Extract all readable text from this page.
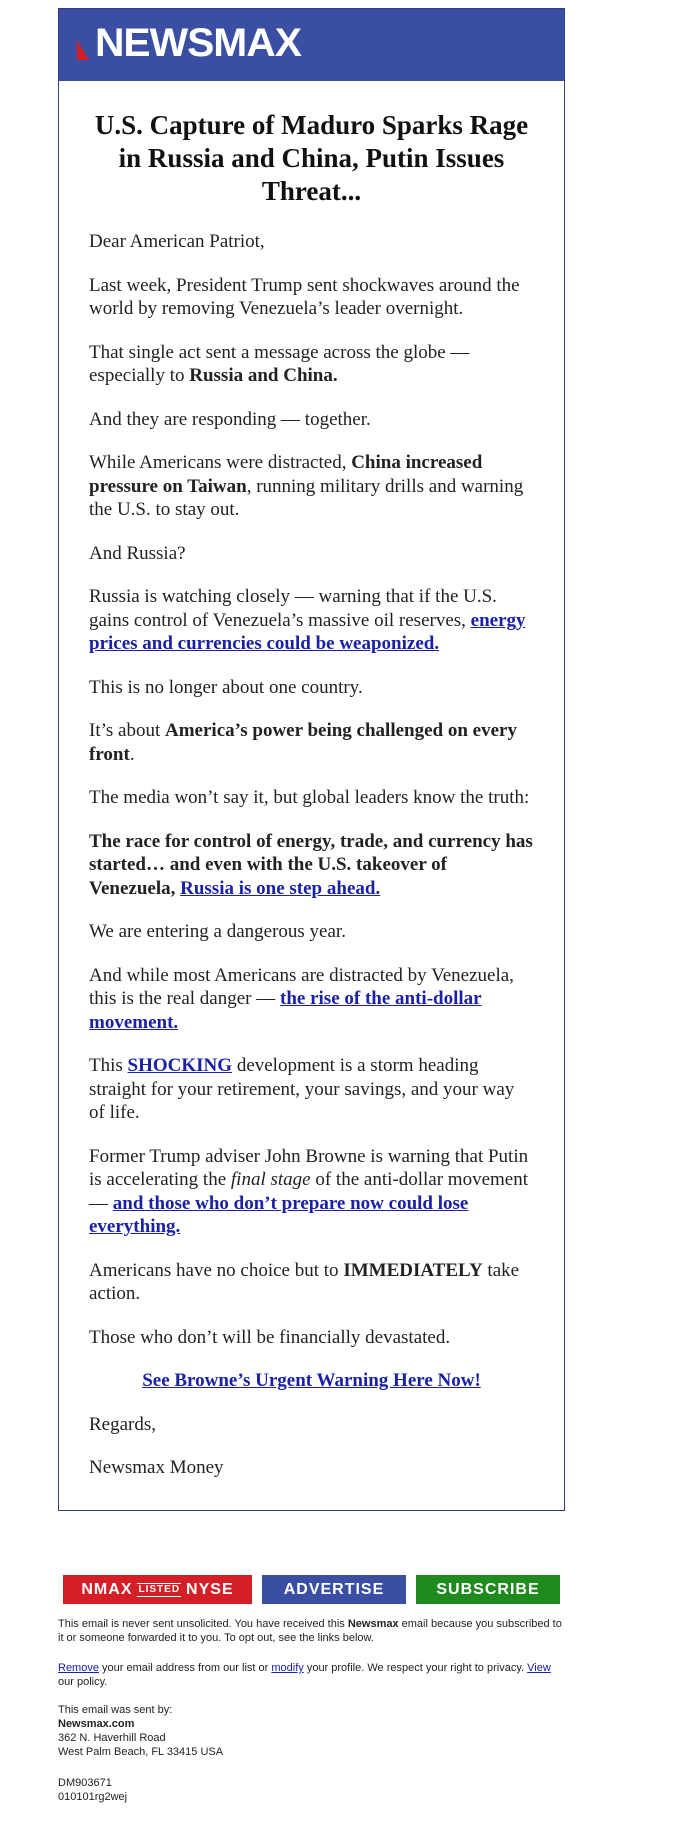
NEWSMAX
U.S. Capture of Maduro Sparks Rage in Russia and China, Putin Issues Threat...

Dear American Patriot,

Last week, President Trump sent shockwaves around the world by removing Venezuela’s leader overnight.

That single act sent a message across the globe — especially to Russia and China.

And they are responding — together.

While Americans were distracted, China increased pressure on Taiwan, running military drills and warning the U.S. to stay out.

And Russia?

Russia is watching closely — warning that if the U.S. gains control of Venezuela’s massive oil reserves, energy prices and currencies could be weaponized.

This is no longer about one country.

It’s about America’s power being challenged on every front.

The media won’t say it, but global leaders know the truth:

The race for control of energy, trade, and currency has started… and even with the U.S. takeover of Venezuela, Russia is one step ahead.

We are entering a dangerous year.

And while most Americans are distracted by Venezuela, this is the real danger — the rise of the anti-dollar movement.

This SHOCKING development is a storm heading straight for your retirement, your savings, and your way of life.

Former Trump adviser John Browne is warning that Putin is accelerating the final stage of the anti-dollar movement — and those who don’t prepare now could lose everything.

Americans have no choice but to IMMEDIATELY take action.

Those who don’t will be financially devastated.

See Browne’s Urgent Warning Here Now!

Regards,

Newsmax Money

NMAX LISTED NYSE	ADVERTISE	SUBSCRIBE
This email is never sent unsolicited. You have received this Newsmax email because you subscribed to it or someone forwarded it to you. To opt out, see the links below.
Remove your email address from our list or modify your profile. We respect your right to privacy. View our policy.
This email was sent by:
Newsmax.com
362 N. Haverhill Road
West Palm Beach, FL 33415 USA
DM903671
010101rg2wej
